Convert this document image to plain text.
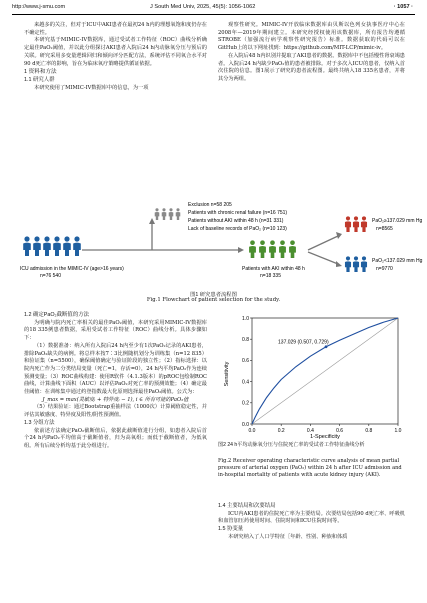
http://www.j-smu.com	J South Med Univ, 2025, 45(5): 1056-1062	· 1057 ·

来越多的关注，但对于ICU中AKI患者在最初24 h内的理想氧饱和度仍存在不确定性。

本研究基于MIMIC-IV数据库，通过受试者工作特征（ROC）曲线分析确定最佳PaO₂阈值，并以此分组探讨AKI患者入院后24 h内动脉氧分压与预后的关联。研究采用多变量逻辑回归和倾向评分匹配方法，系统评估不同氧合水平对90 d死亡率的影响，旨在为临床氧疗策略提供循证依据。

1 资料和方法

1.1 研究人群

本研究使用了MIMIC-IV数据库中的信息，为一项

观察性研究。MIMIC-IV开放临床数据库由贝斯以色列女执事医疗中心在2008年—2019年期间建立。本研究经授权使用该数据库，所有报告均遵循STROBE（加强流行病学观察性研究报告）标准。数据获取的代码可以在GitHub上的以下网址找到：https://github.com/MIT-LCP/mimic-iv。

在入院后48 h内识别并提取了AKI患者的数据。数据库中不包括慢性肾衰竭患者。入院后24 h内缺少PaO₂值的患者被排除。对于多次入ICU的患者，仅纳入首次住院的信息。图1展示了研究的患者流程图。最终共纳入18 335名患者，并将其分为两组。

Exclusion n=58 205
Patients with chronic renal failure (n=16 751)
Patients without AKI within 48 h (n=31 331)
Lack of baseline records of PaO₂ (n=10 123)
ICU admission in the MIMIC-IV (age>16 years)
n=76 540
Patients with AKI within 48 h
n=18 335
PaO₂≥137.029 mm Hg
n=8565
PaO₂<137.029 mm Hg
n=9770
图1 研究患者流程图
Fig.1 Flowchart of patient selection for the study.

1.2 确定PaO₂截断值的方法

为明确与院内死亡率相关的最佳PaO₂阈值，本研究采用MIMIC-IV数据库的18 335例患者数据，采用受试者工作特征（ROC）曲线分析。具体步骤如下：

（1）数据准备：纳入所有入院后24 h内至少有1次PaO₂记录的AKI患者，排除PaO₂缺失的病例。将总样本按7∶3比例随机划分为训练集（n=12 835）和验证集（n=5500），确保阈值确定与验证阶段的独立性；（2）指标选择：以院内死亡作为二分类结局变量（死亡=1，存活=0），24 h内平均PaO₂作为连续预测变量；（3）ROC曲线构建：使用R软件（4.1.3版本）的pROC包绘制ROC曲线，计算曲线下面积（AUC）以评估PaO₂对死亡率的预测效能；（4）确定最佳阈值：在训练集中通过约登指数最大化原则选择最佳PaO₂阈值。公式为：

J_max = max(灵敏度ᵢ + 特异度ᵢ − 1), i ∈ 所有可能的PaO₂值

（5）结果验证：通过Bootstrap重抽样法（1000次）计算阈值稳定性，并评估其敏感度、特异度及阳性/阴性预测值。

1.3 分组方法

依前述方法确定PaO₂截断值后，依据此截断值进行分组，如患者入院后首个24 h内PaO₂平均值高于截断值者，归为高氧组；而低于截断值者，为低氧组。所有后续分析均基于此分组进行。

0.0
0.2
0.4
0.6
0.8
1.0
0.0	0.2	0.4	0.6	0.8	1.0
Sensitivity
1-Specificity
137.029 (0.507, 0.729)
图2 24 h平均动脉氧分压与住院死亡率的受试者工作特征曲线分析
Fig.2 Receiver operating characteristic curve analysis of mean partial pressure of arterial oxygen (PaO₂) within 24 h after ICU admission and in-hospital mortality of patients with acute kidney injury (AKI).

1.4 主要结局和次要结局

ICU内AKI患者的住院死亡率为主要结局。次要结局包括90 d死亡率、呼吸机和血管加压药使用时间、住院时间和ICU住院时间等。

1.5 协变量

本研究纳入了人口学特征［年龄、性别、种族和体质
